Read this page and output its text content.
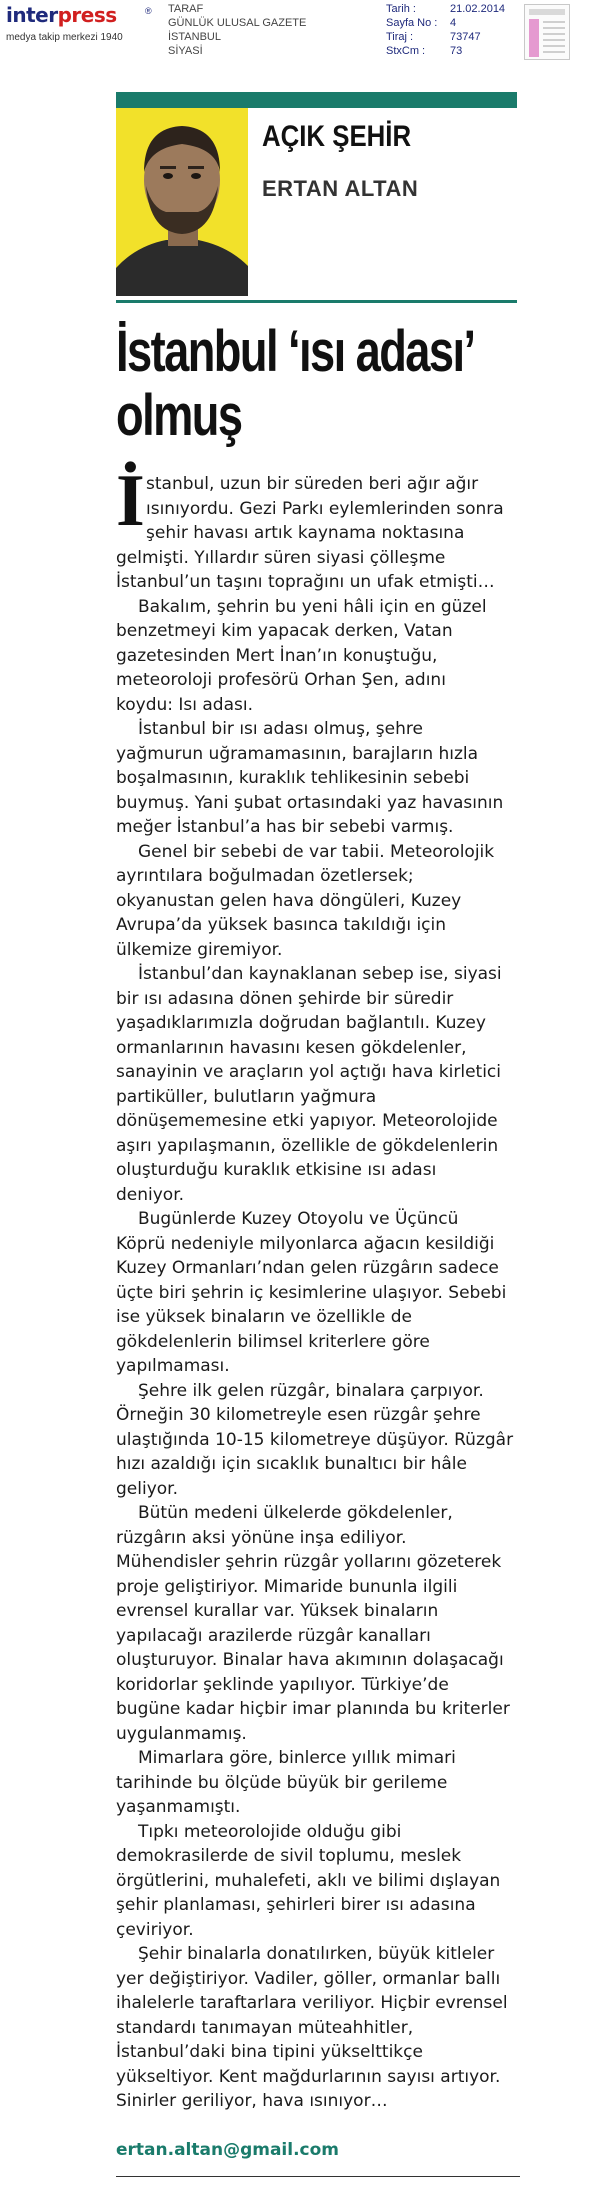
interpress	®
medya takip merkezi 1940
TARAF
GÜNLÜK ULUSAL GAZETE
İSTANBUL
SİYASİ
Tarih :	21.02.2014
Sayfa No :	4
Tiraj :	73747
StxCm :	73
AÇIK ŞEHİR
ERTAN ALTAN
İstanbul ‘ısı adası’
olmuş
İ stanbul, uzun bir süreden beri ağır ağır
ısınıyordu. Gezi Parkı eylemlerinden sonra
şehir havası artık kaynama noktasına
gelmişti. Yıllardır süren siyasi çölleşme
İstanbul’un taşını toprağını un ufak etmişti…
Bakalım, şehrin bu yeni hâli için en güzel
benzetmeyi kim yapacak derken, Vatan
gazetesinden Mert İnan’ın konuştuğu,
meteoroloji profesörü Orhan Şen, adını
koydu: Isı adası.
İstanbul bir ısı adası olmuş, şehre
yağmurun uğramamasının, barajların hızla
boşalmasının, kuraklık tehlikesinin sebebi
buymuş. Yani şubat ortasındaki yaz havasının
meğer İstanbul’a has bir sebebi varmış.
Genel bir sebebi de var tabii. Meteorolojik
ayrıntılara boğulmadan özetlersek;
okyanustan gelen hava döngüleri, Kuzey
Avrupa’da yüksek basınca takıldığı için
ülkemize giremiyor.
İstanbul’dan kaynaklanan sebep ise, siyasi
bir ısı adasına dönen şehirde bir süredir
yaşadıklarımızla doğrudan bağlantılı. Kuzey
ormanlarının havasını kesen gökdelenler,
sanayinin ve araçların yol açtığı hava kirletici
partiküller, bulutların yağmura
dönüşememesine etki yapıyor. Meteorolojide
aşırı yapılaşmanın, özellikle de gökdelenlerin
oluşturduğu kuraklık etkisine ısı adası
deniyor.
Bugünlerde Kuzey Otoyolu ve Üçüncü
Köprü nedeniyle milyonlarca ağacın kesildiği
Kuzey Ormanları’ndan gelen rüzgârın sadece
üçte biri şehrin iç kesimlerine ulaşıyor. Sebebi
ise yüksek binaların ve özellikle de
gökdelenlerin bilimsel kriterlere göre
yapılmaması.
Şehre ilk gelen rüzgâr, binalara çarpıyor.
Örneğin 30 kilometreyle esen rüzgâr şehre
ulaştığında 10-15 kilometreye düşüyor. Rüzgâr
hızı azaldığı için sıcaklık bunaltıcı bir hâle
geliyor.
Bütün medeni ülkelerde gökdelenler,
rüzgârın aksi yönüne inşa ediliyor.
Mühendisler şehrin rüzgâr yollarını gözeterek
proje geliştiriyor. Mimaride bununla ilgili
evrensel kurallar var. Yüksek binaların
yapılacağı arazilerde rüzgâr kanalları
oluşturuyor. Binalar hava akımının dolaşacağı
koridorlar şeklinde yapılıyor. Türkiye’de
bugüne kadar hiçbir imar planında bu kriterler
uygulanmamış.
Mimarlara göre, binlerce yıllık mimari
tarihinde bu ölçüde büyük bir gerileme
yaşanmamıştı.
Tıpkı meteorolojide olduğu gibi
demokrasilerde de sivil toplumu, meslek
örgütlerini, muhalefeti, aklı ve bilimi dışlayan
şehir planlaması, şehirleri birer ısı adasına
çeviriyor.
Şehir binalarla donatılırken, büyük kitleler
yer değiştiriyor. Vadiler, göller, ormanlar ballı
ihalelerle taraftarlara veriliyor. Hiçbir evrensel
standardı tanımayan müteahhitler,
İstanbul’daki bina tipini yükselttikçe
yükseltiyor. Kent mağdurlarının sayısı artıyor.
Sinirler geriliyor, hava ısınıyor…
ertan.altan@gmail.com
